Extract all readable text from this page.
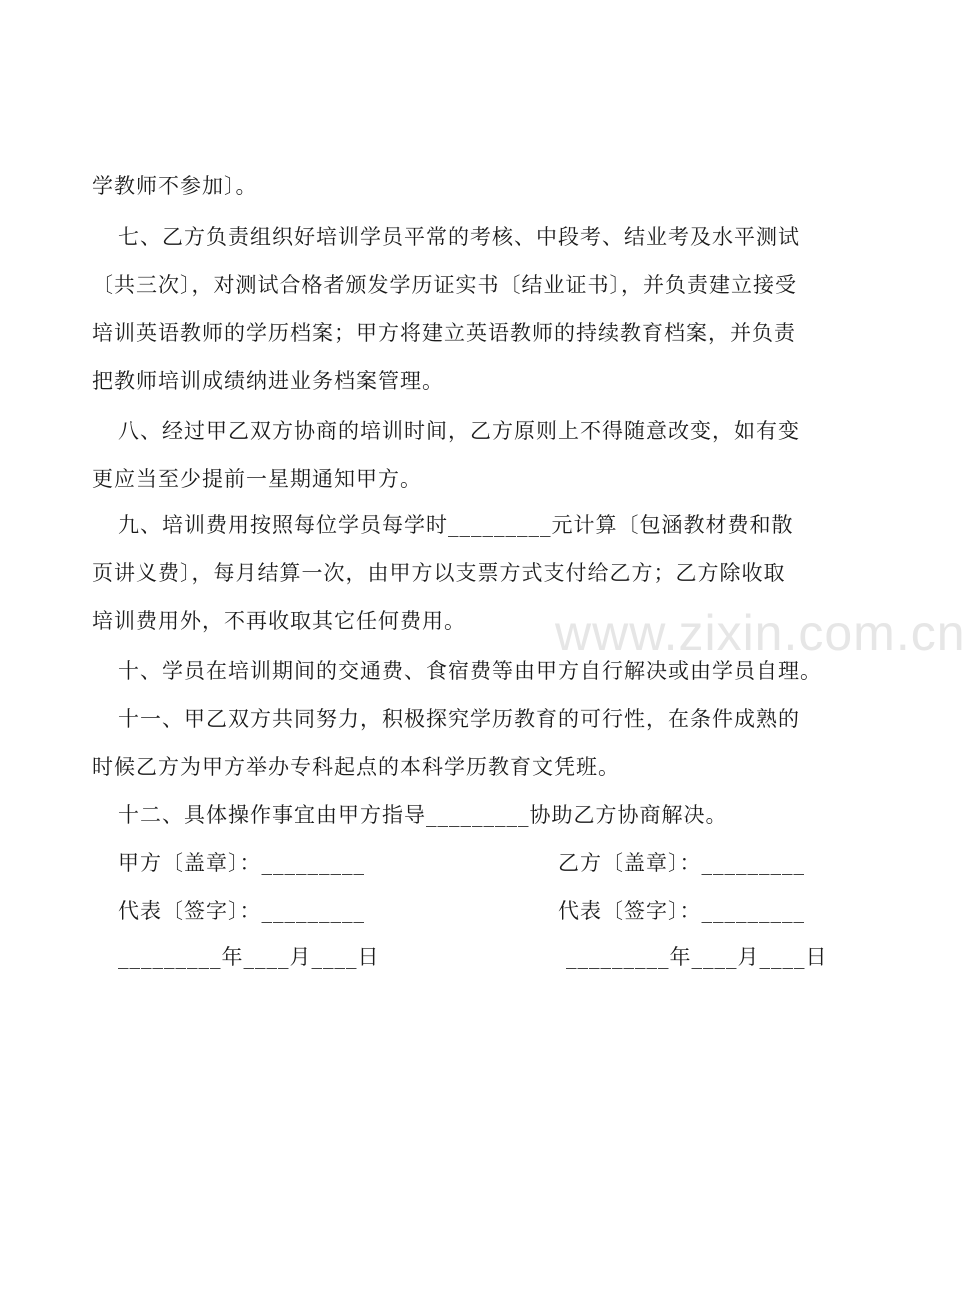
www.zixin.com.cn
学教师不参加〕。
七、乙方负责组织好培训学员平常的考核、中段考、结业考及水平测试
〔共三次〕，对测试合格者颁发学历证实书〔结业证书〕，并负责建立接受
培训英语教师的学历档案；甲方将建立英语教师的持续教育档案，并负责
把教师培训成绩纳进业务档案管理。
八、经过甲乙双方协商的培训时间，乙方原则上不得随意改变，如有变
更应当至少提前一星期通知甲方。
九、培训费用按照每位学员每学时_________元计算〔包涵教材费和散
页讲义费〕，每月结算一次，由甲方以支票方式支付给乙方；乙方除收取
培训费用外，不再收取其它任何费用。
十、学员在培训期间的交通费、食宿费等由甲方自行解决或由学员自理。
十一、甲乙双方共同努力，积极探究学历教育的可行性，在条件成熟的
时候乙方为甲方举办专科起点的本科学历教育文凭班。
十二、具体操作事宜由甲方指导_________协助乙方协商解决。
甲方〔盖章〕：_________	乙方〔盖章〕：_________
代表〔签字〕：_________	代表〔签字〕：_________
_________年____月____日	_________年____月____日
